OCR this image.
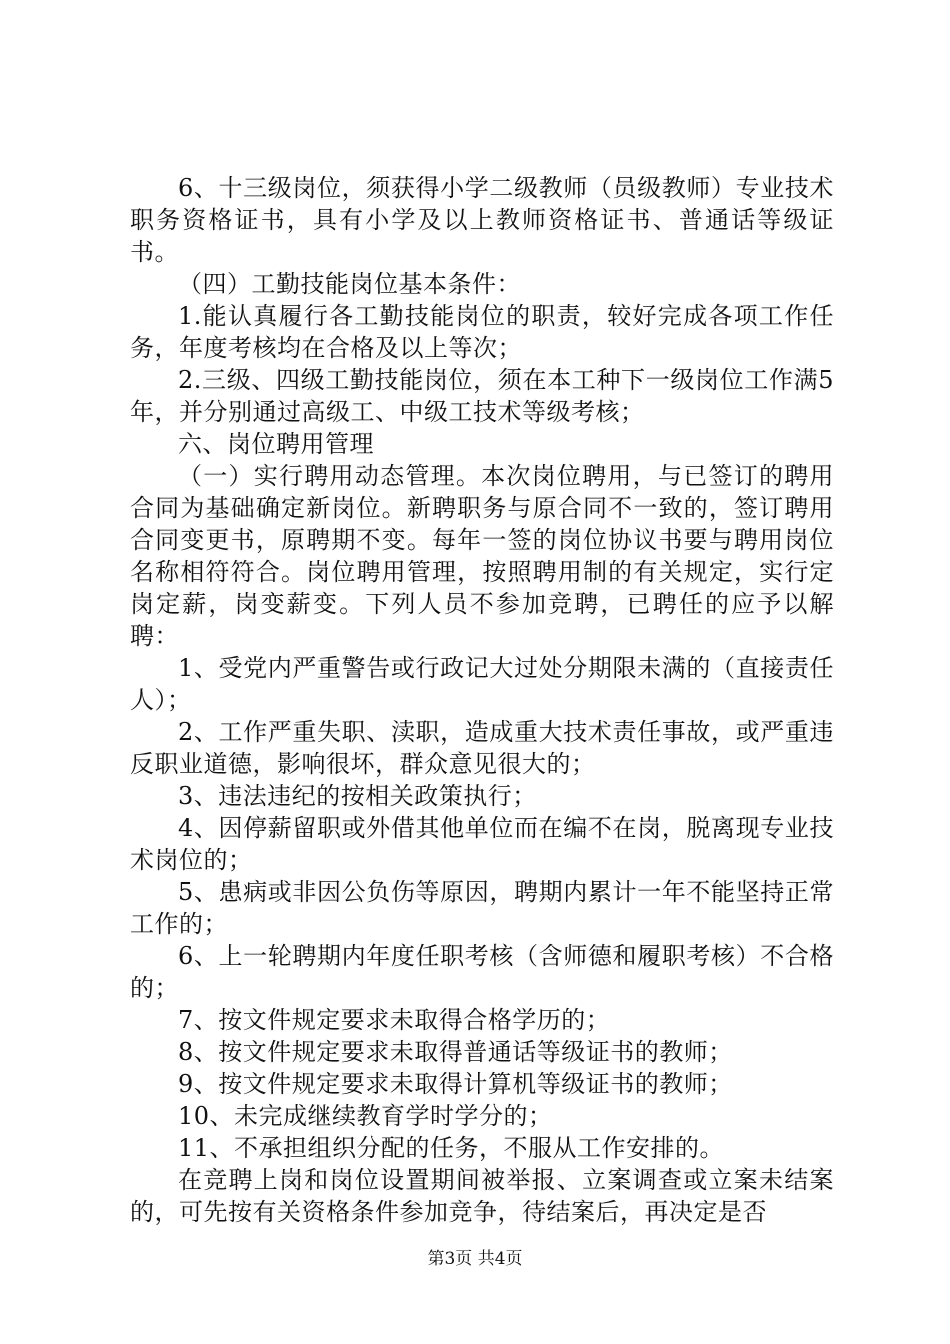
6、十三级岗位，须获得小学二级教师（员级教师）专业技术职务资格证书，具有小学及以上教师资格证书、普通话等级证书。

（四）工勤技能岗位基本条件：

1.能认真履行各工勤技能岗位的职责，较好完成各项工作任务，年度考核均在合格及以上等次；

2.三级、四级工勤技能岗位，须在本工种下一级岗位工作满5年，并分别通过高级工、中级工技术等级考核；

六、岗位聘用管理

（一）实行聘用动态管理。本次岗位聘用，与已签订的聘用合同为基础确定新岗位。新聘职务与原合同不一致的，签订聘用合同变更书，原聘期不变。每年一签的岗位协议书要与聘用岗位名称相符符合。岗位聘用管理，按照聘用制的有关规定，实行定岗定薪，岗变薪变。下列人员不参加竞聘，已聘任的应予以解聘：

1、受党内严重警告或行政记大过处分期限未满的（直接责任人）；

2、工作严重失职、渎职，造成重大技术责任事故，或严重违反职业道德，影响很坏，群众意见很大的；

3、违法违纪的按相关政策执行；

4、因停薪留职或外借其他单位而在编不在岗，脱离现专业技术岗位的；

5、患病或非因公负伤等原因，聘期内累计一年不能坚持正常工作的；

6、上一轮聘期内年度任职考核（含师德和履职考核）不合格的；

7、按文件规定要求未取得合格学历的；

8、按文件规定要求未取得普通话等级证书的教师；

9、按文件规定要求未取得计算机等级证书的教师；

10、未完成继续教育学时学分的；

11、不承担组织分配的任务，不服从工作安排的。

在竞聘上岗和岗位设置期间被举报、立案调查或立案未结案的，可先按有关资格条件参加竞争，待结案后，再决定是否

第3页 共4页
